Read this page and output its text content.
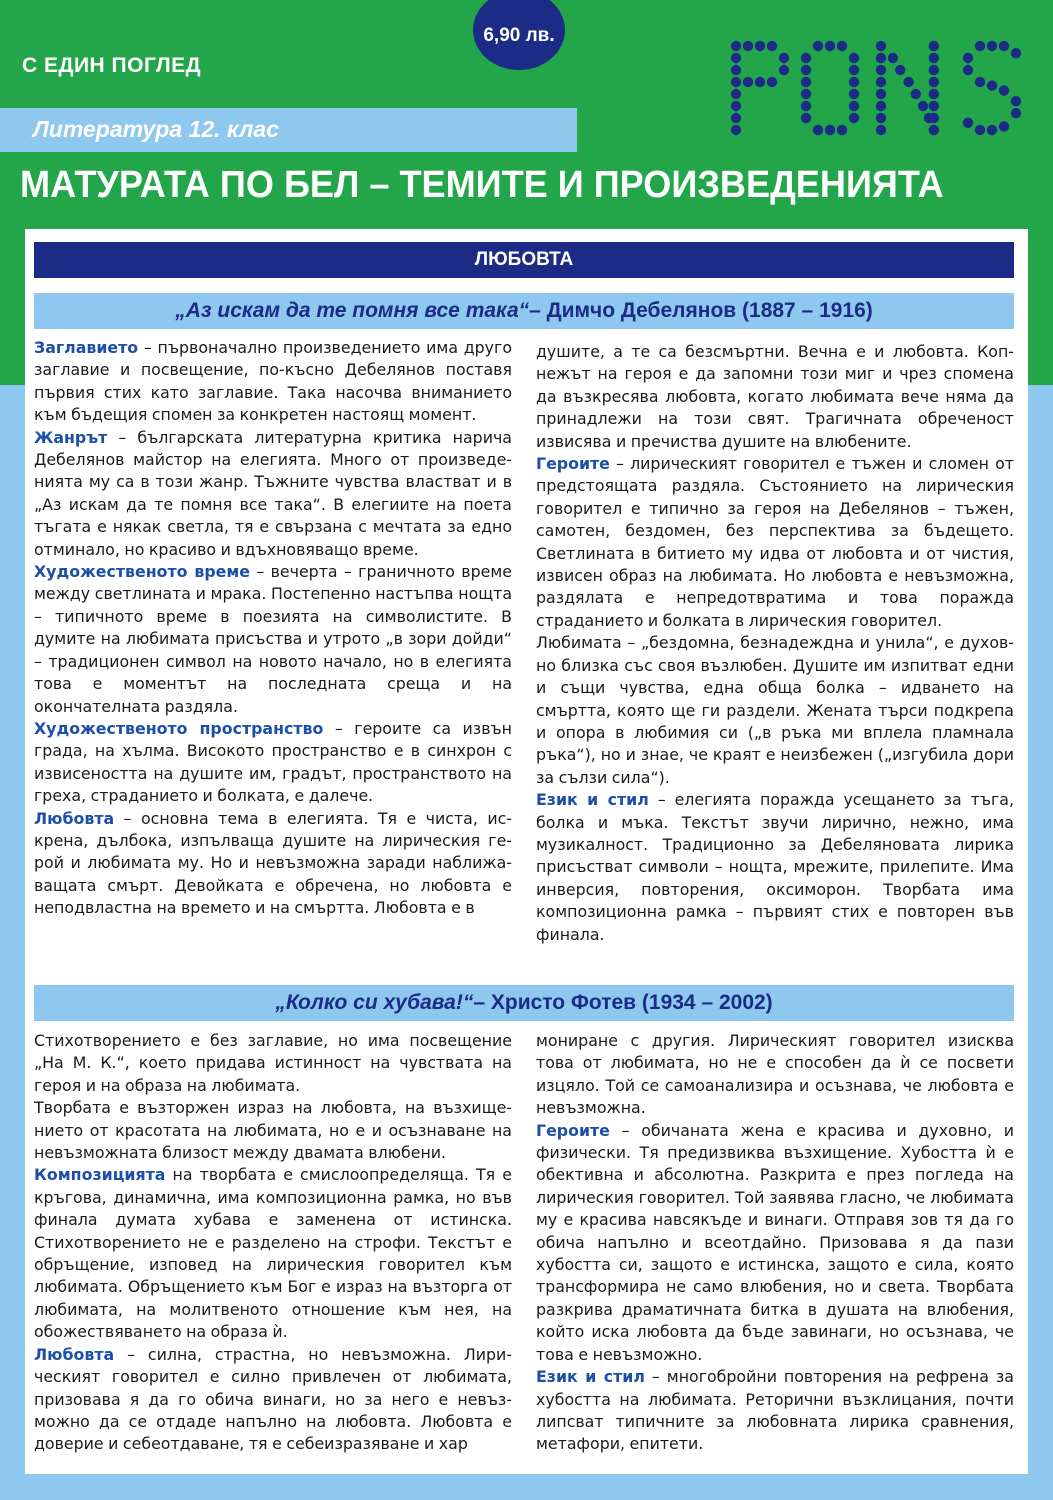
6,90 лв.
С ЕДИН ПОГЛЕД
Литература 12. клас
МАТУРАТА ПО БЕЛ – ТЕМИТЕ И ПРОИЗВЕДЕНИЯТА
ЛЮБОВТА
„Аз искам да те помня все така“ – Димчо Дебелянов (1887 – 1916)

Заглавието – първоначално произведението има друго заглавие и посвещение, по-късно Дебелянов поставя първия стих като заглавие. Така насочва вниманието към бъдещия спомен за конкретен настоящ момент.

Жанрът – българската литературна критика нарича Дебелянов майстор на елегията. Много от произведенията му са в този жанр. Тъжните чувства властват и в „Аз искам да те помня все така“. В елегиите на поета тъгата е някак светла, тя е свързана с мечтата за едно отминало, но красиво и вдъхновяващо време.

Художественото време – вечерта – граничното време между светлината и мрака. Постепенно настъпва нощта – типичното време в поезията на символистите. В думите на любимата присъства и утрото „в зори дойди“ – традиционен символ на новото начало, но в елегията това е моментът на последната среща и на окончателната раздяла.

Художественото пространство – героите са извън града, на хълма. Високото пространство е в синхрон с извисеността на душите им, градът, пространството на греха, страданието и болката, е далече.

Любовта – основна тема в елегията. Тя е чиста, искрена, дълбока, изпълваща душите на лирическия герой и любимата му. Но и невъзможна заради наближаващата смърт. Девойката е обречена, но любовта е неподвластна на времето и на смъртта. Любовта е в

душите, а те са безсмъртни. Вечна е и любовта. Копнежът на героя е да запомни този миг и чрез спомена да възкресява любовта, когато любимата вече няма да принадлежи на този свят. Трагичната обреченост извисява и пречиства душите на влюбените.

Героите – лирическият говорител е тъжен и сломен от предстоящата раздяла. Състоянието на лирическия говорител е типично за героя на Дебелянов – тъжен, самотен, бездомен, без перспектива за бъдещето. Светлината в битието му идва от любовта и от чистия, извисен образ на любимата. Но любовта е невъзможна, раздялата е непредотвратима и това поражда страданието и болката в лирическия говорител.

Любимата – „бездомна, безнадеждна и унила“, е духовно близка със своя възлюбен. Душите им изпитват едни и същи чувства, една обща болка – идването на смъртта, която ще ги раздели. Жената търси подкрепа и опора в любимия си („в ръка ми вплела пламнала ръка“), но и знае, че краят е неизбежен („изгубила дори за сълзи сила“).

Език и стил – елегията поражда усещането за тъга, болка и мъка. Текстът звучи лирично, нежно, има музикалност. Традиционно за Дебеляновата лирика присъстват символи – нощта, мрежите, прилепите. Има инверсия, повторения, оксиморон. Творбата има композиционна рамка – първият стих е повторен във финала.

„Колко си хубава!“ – Христо Фотев (1934 – 2002)

Стихотворението е без заглавие, но има посвещение „На М. К.“, което придава истинност на чувствата на героя и на образа на любимата.

Творбата е възторжен израз на любовта, на възхищението от красотата на любимата, но е и осъзнаване на невъзможната близост между двамата влюбени.

Композицията на творбата е смислоопределяща. Тя е кръгова, динамична, има композиционна рамка, но във финала думата хубава е заменена от истинска. Стихотворението не е разделено на строфи. Текстът е обръщение, изповед на лирическия говорител към любимата. Обръщението към Бог е израз на възторга от любимата, на молитвеното отношение към нея, на обожествяването на образа ѝ.

Любовта – силна, страстна, но невъзможна. Лирическият говорител е силно привлечен от любимата, призовава я да го обича винаги, но за него е невъзможно да се отдаде напълно на любовта. Любовта е доверие и себеотдаване, тя е себеизразяване и хар

мониране с другия. Лирическият говорител изисква това от любимата, но не е способен да ѝ се посвети изцяло. Той се самоанализира и осъзнава, че любовта е невъзможна.

Героите – обичаната жена е красива и духовно, и физически. Тя предизвиква възхищение. Хубостта ѝ е обективна и абсолютна. Разкрита е през погледа на лирическия говорител. Той заявява гласно, че любимата му е красива навсякъде и винаги. Отправя зов тя да го обича напълно и всеотдайно. Призовава я да пази хубостта си, защото е истинска, защото е сила, която трансформира не само влюбения, но и света. Творбата разкрива драматичната битка в душата на влюбения, който иска любовта да бъде завинаги, но осъзнава, че това е невъзможно.

Език и стил – многобройни повторения на рефрена за хубостта на любимата. Реторични възклицания, почти липсват типичните за любовната лирика сравнения, метафори, епитети.
